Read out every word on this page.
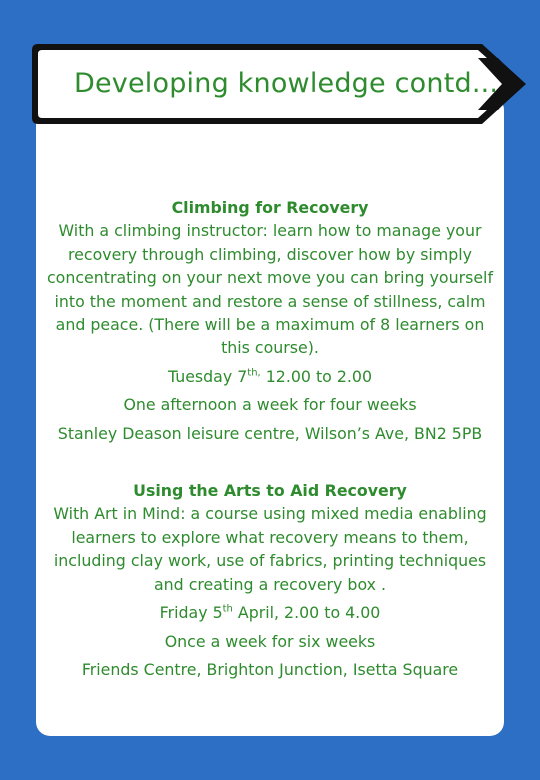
Developing knowledge contd...
Climbing for Recovery

With a climbing instructor: learn how to manage your recovery through climbing, discover how by simply concentrating on your next move you can bring yourself into the moment and restore a sense of stillness, calm and peace. (There will be a maximum of 8 learners on this course).

Tuesday $7^{th,}$ 12.00 to 2.00
One afternoon a week for four weeks
Stanley Deason leisure centre, Wilson’s Ave, BN2 5PB
Using the Arts to Aid Recovery

With Art in Mind: a course using mixed media enabling learners to explore what recovery means to them, including clay work, use of fabrics, printing techniques and creating a recovery box .

Friday 5th April, 2.00 to 4.00
Once a week for six weeks
Friends Centre, Brighton Junction, Isetta Square
